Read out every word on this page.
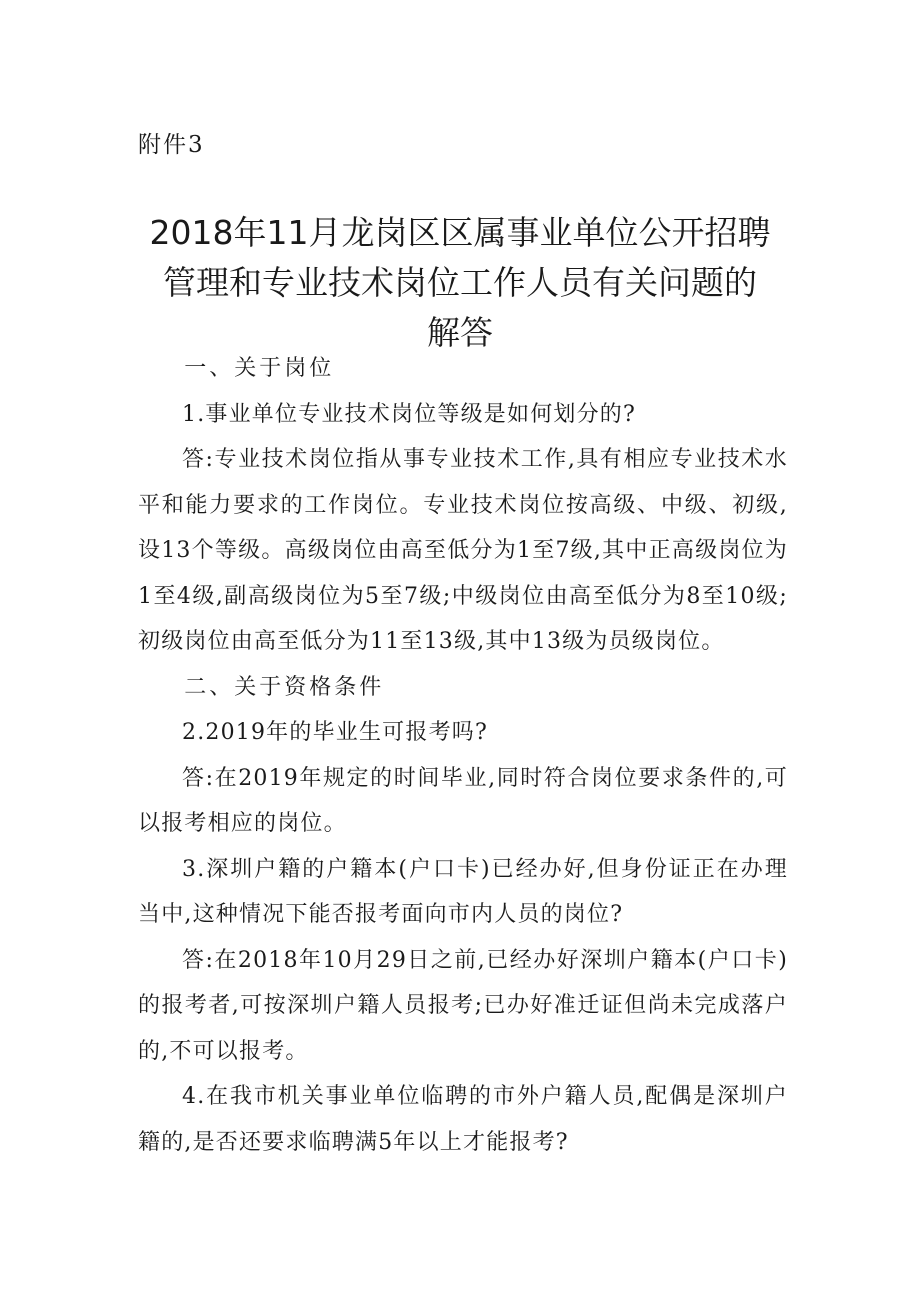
附件3
2018年11月龙岗区区属事业单位公开招聘
管理和专业技术岗位工作人员有关问题的
解答

一、关于岗位

1.事业单位专业技术岗位等级是如何划分的?

答:专业技术岗位指从事专业技术工作,具有相应专业技术水平和能力要求的工作岗位。专业技术岗位按高级、中级、初级,设13个等级。高级岗位由高至低分为1至7级,其中正高级岗位为1至4级,副高级岗位为5至7级;中级岗位由高至低分为8至10级;初级岗位由高至低分为11至13级,其中13级为员级岗位。

二、关于资格条件

2.2019年的毕业生可报考吗?

答:在2019年规定的时间毕业,同时符合岗位要求条件的,可以报考相应的岗位。

3.深圳户籍的户籍本(户口卡)已经办好,但身份证正在办理当中,这种情况下能否报考面向市内人员的岗位?

答:在2018年10月29日之前,已经办好深圳户籍本(户口卡)的报考者,可按深圳户籍人员报考;已办好准迁证但尚未完成落户的,不可以报考。

4.在我市机关事业单位临聘的市外户籍人员,配偶是深圳户籍的,是否还要求临聘满5年以上才能报考?
